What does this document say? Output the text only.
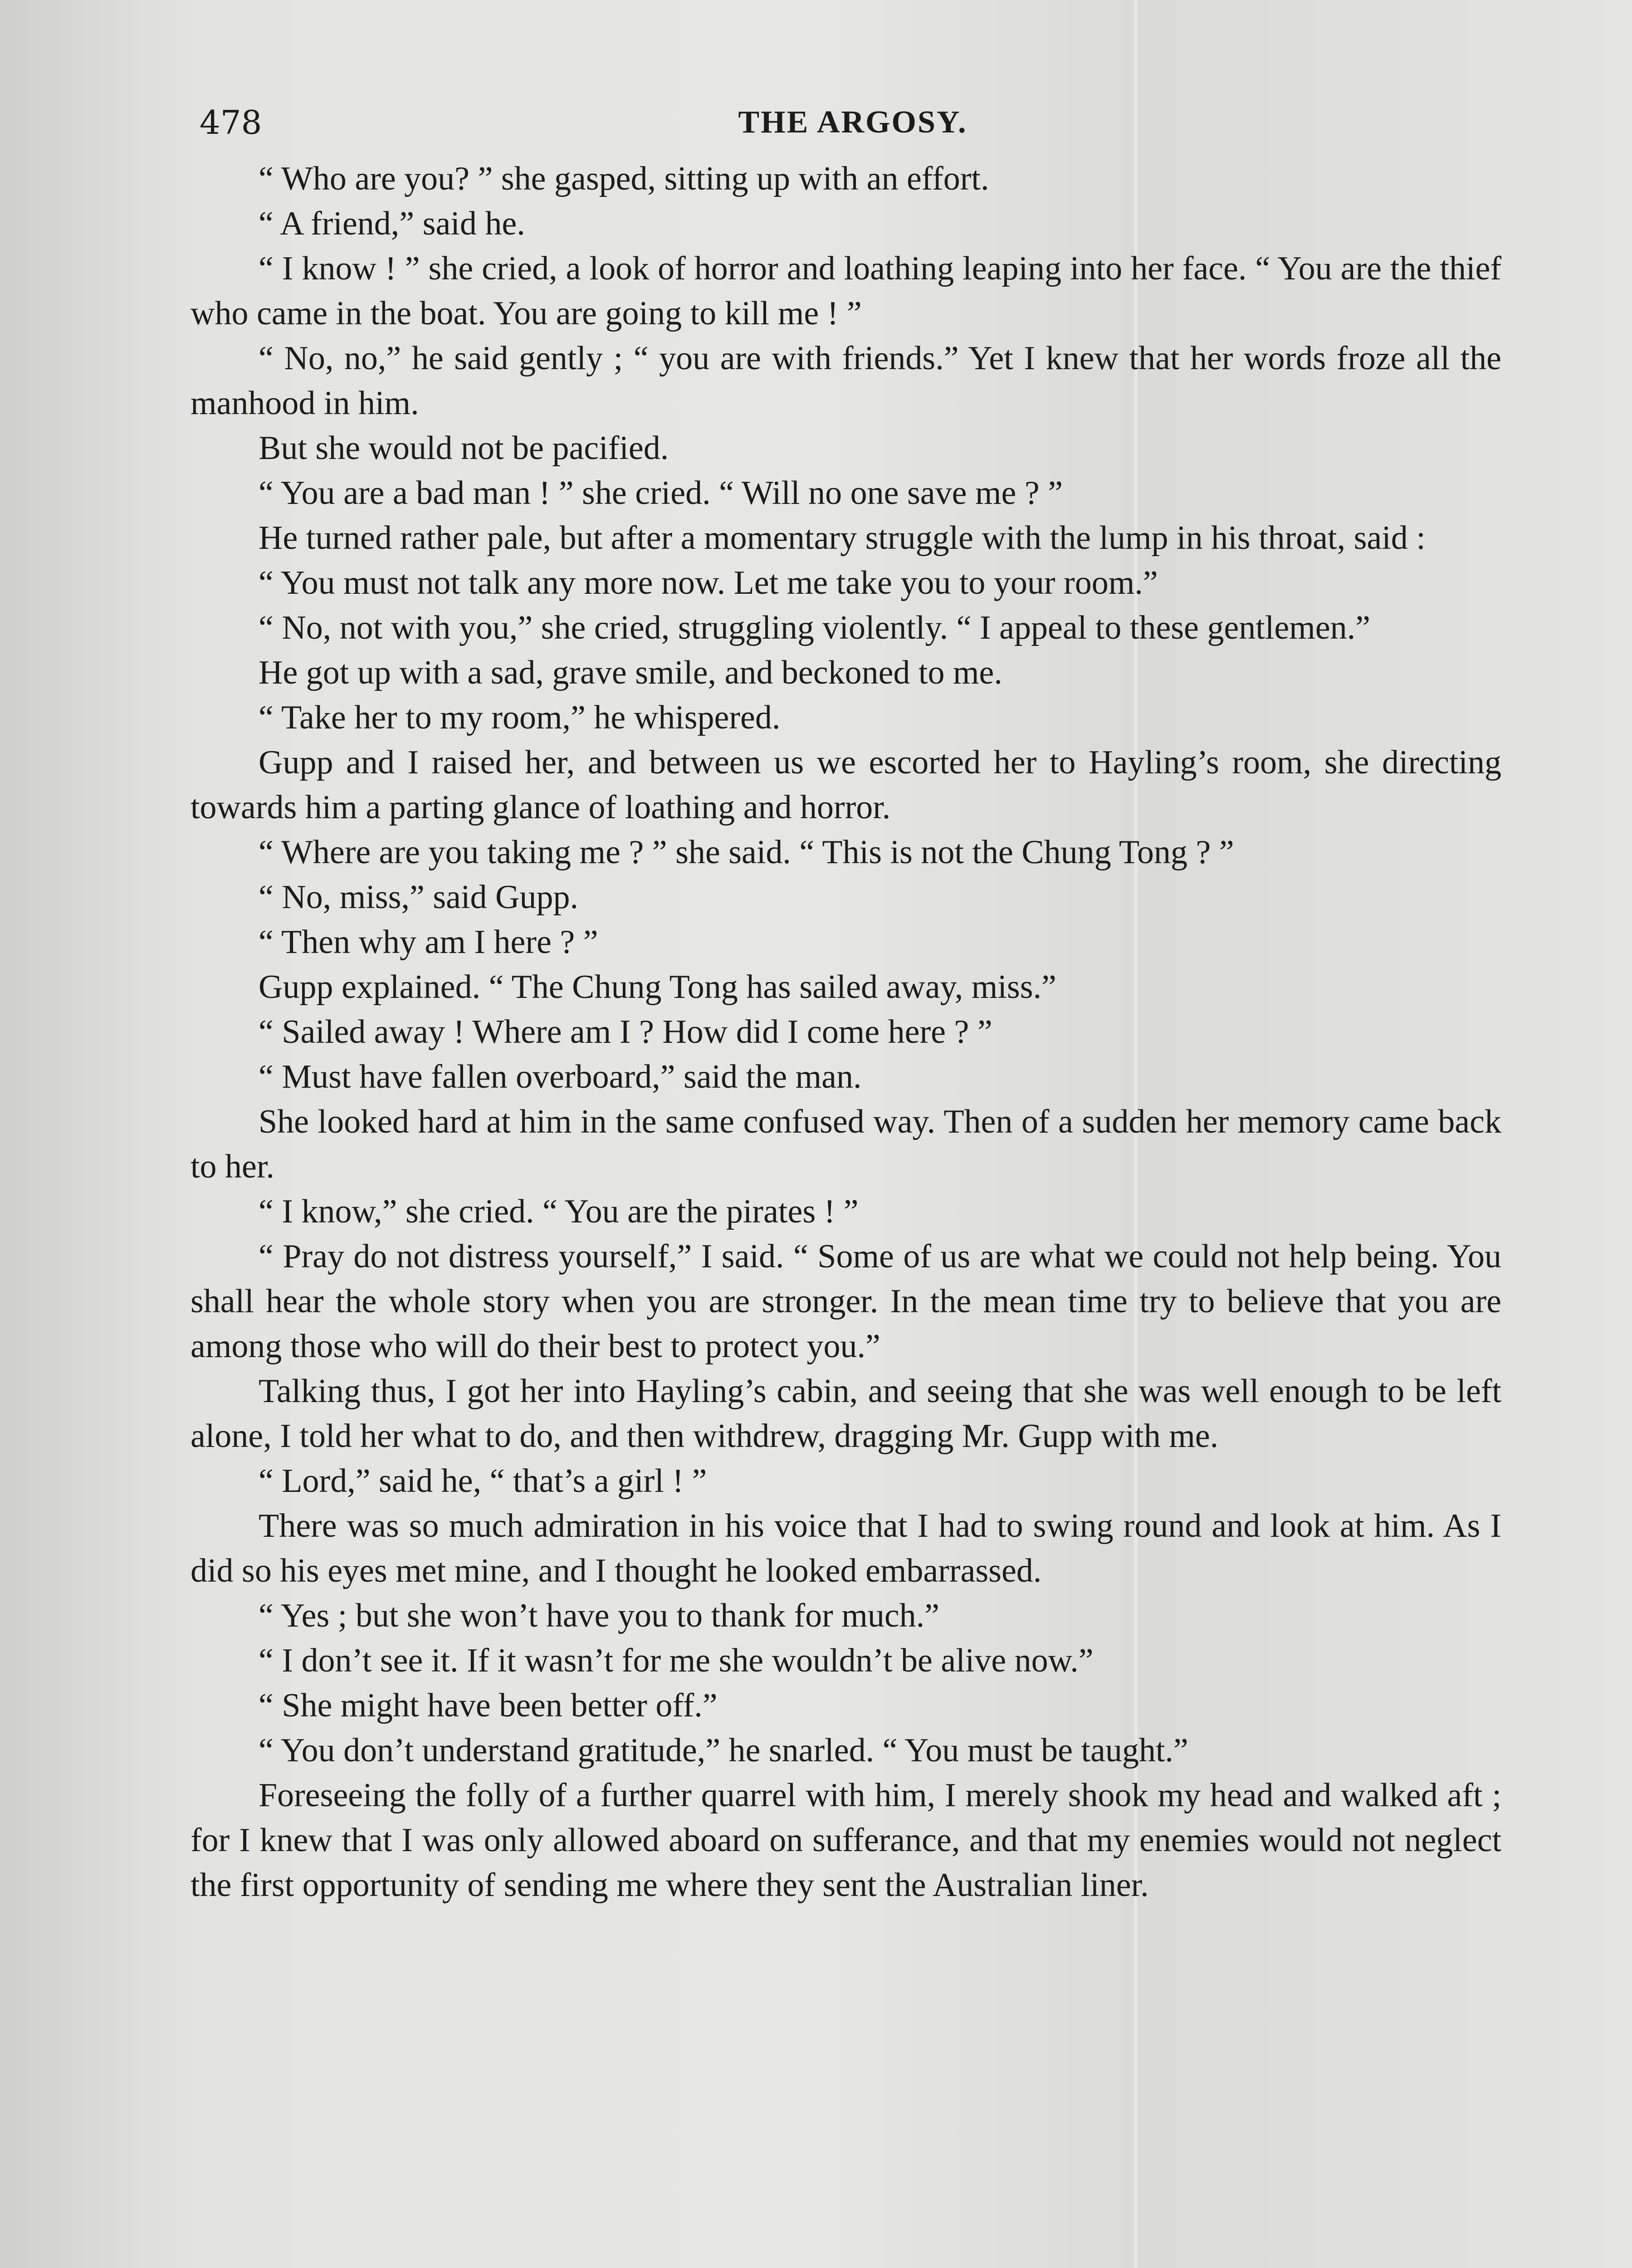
478	THE ARGOSY.

“ Who are you? ” she gasped, sitting up with an effort.

“ A friend,” said he.

“ I know ! ” she cried, a look of horror and loathing leaping into her face. “ You are the thief who came in the boat. You are going to kill me ! ”

“ No, no,” he said gently ; “ you are with friends.” Yet I knew that her words froze all the manhood in him.

But she would not be pacified.

“ You are a bad man ! ” she cried. “ Will no one save me ? ”

He turned rather pale, but after a momentary struggle with the lump in his throat, said :

“ You must not talk any more now. Let me take you to your room.”

“ No, not with you,” she cried, struggling violently. “ I appeal to these gentlemen.”

He got up with a sad, grave smile, and beckoned to me.

“ Take her to my room,” he whispered.

Gupp and I raised her, and between us we escorted her to Hayling’s room, she directing towards him a parting glance of loathing and horror.

“ Where are you taking me ? ” she said. “ This is not the Chung Tong ? ”

“ No, miss,” said Gupp.

“ Then why am I here ? ”

Gupp explained. “ The Chung Tong has sailed away, miss.”

“ Sailed away ! Where am I ? How did I come here ? ”

“ Must have fallen overboard,” said the man.

She looked hard at him in the same confused way. Then of a sudden her memory came back to her.

“ I know,” she cried. “ You are the pirates ! ”

“ Pray do not distress yourself,” I said. “ Some of us are what we could not help being. You shall hear the whole story when you are stronger. In the mean time try to believe that you are among those who will do their best to protect you.”

Talking thus, I got her into Hayling’s cabin, and seeing that she was well enough to be left alone, I told her what to do, and then withdrew, dragging Mr. Gupp with me.

“ Lord,” said he, “ that’s a girl ! ”

There was so much admiration in his voice that I had to swing round and look at him. As I did so his eyes met mine, and I thought he looked embarrassed.

“ Yes ; but she won’t have you to thank for much.”

“ I don’t see it. If it wasn’t for me she wouldn’t be alive now.”

“ She might have been better off.”

“ You don’t understand gratitude,” he snarled. “ You must be taught.”

Foreseeing the folly of a further quarrel with him, I merely shook my head and walked aft ; for I knew that I was only allowed aboard on sufferance, and that my enemies would not neglect the first opportunity of sending me where they sent the Australian liner.
